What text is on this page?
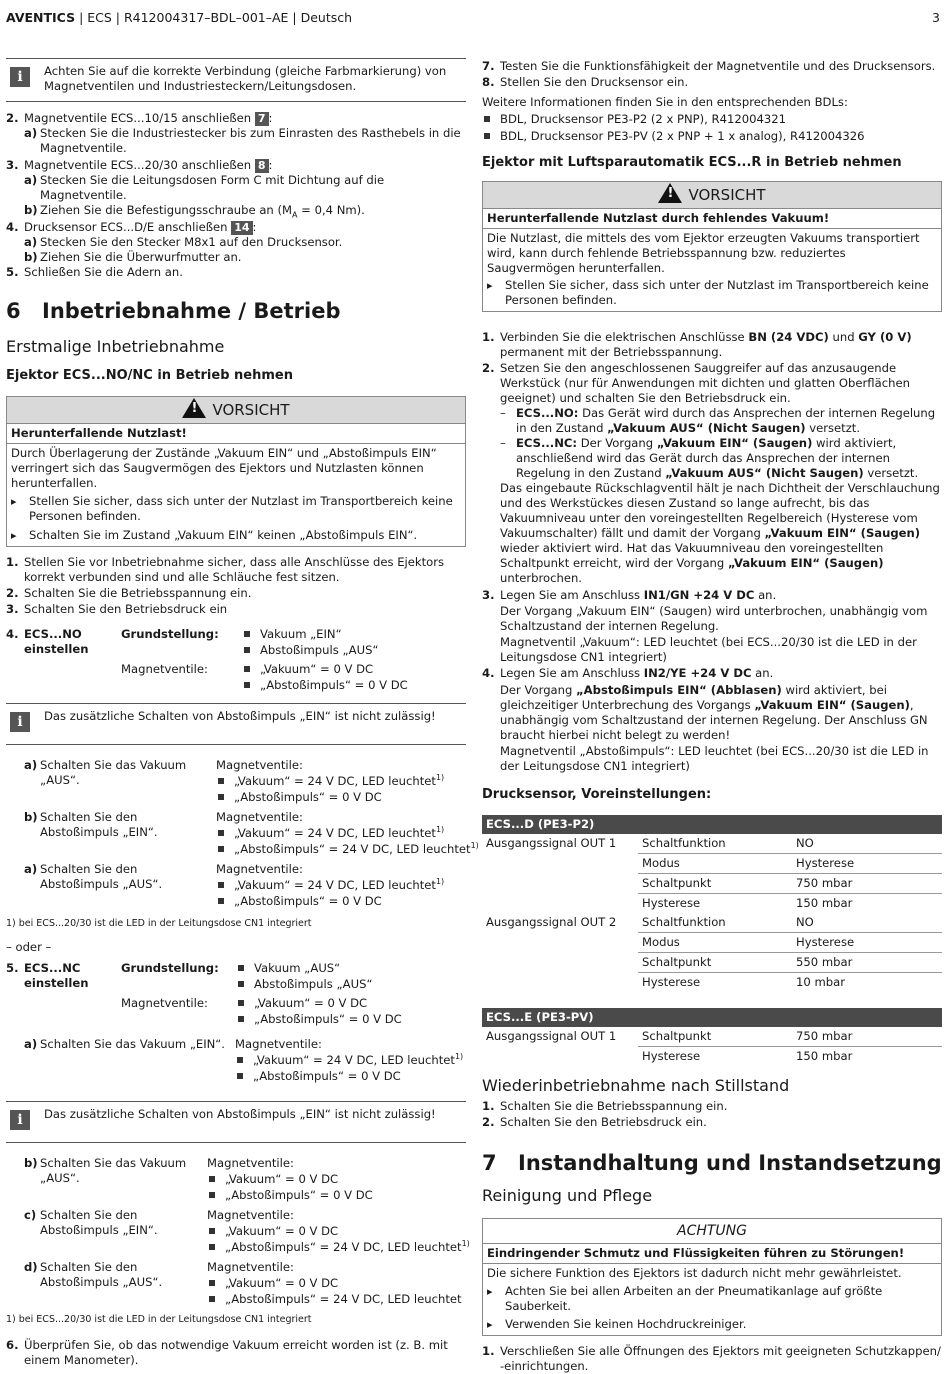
AVENTICS | ECS | R412004317–BDL–001–AE | Deutsch	3
i	Achten Sie auf die korrekte Verbindung (gleiche Farbmarkierung) von Magnetventilen und Industriesteckern/Leitungsdosen.

2. Magnetventile ECS...10/15 anschließen 7 :
a) Stecken Sie die Industriestecker bis zum Einrasten des Rasthebels in die Magnetventile.
3. Magnetventile ECS...20/30 anschließen 8 :
a) Stecken Sie die Leitungsdosen Form C mit Dichtung auf die Magnetventile.
b) Ziehen Sie die Befestigungsschraube an ($M_A = 0,4$ Nm).
4. Drucksensor ECS...D/E anschließen 14 :
a) Stecken Sie den Stecker M8x1 auf den Drucksensor.
b) Ziehen Sie die Überwurfmutter an.
5. Schließen Sie die Adern an.
6 Inbetriebnahme / Betrieb
Erstmalige Inbetriebnahme
Ejektor ECS...NO/NC in Betrieb nehmen
! VORSICHT
Herunterfallende Nutzlast!

Durch Überlagerung der Zustände „Vakuum EIN“ und „Abstoßimpuls EIN“ verringert sich das Saugvermögen des Ejektors und Nutzlasten können herunterfallen.

▸ Stellen Sie sicher, dass sich unter der Nutzlast im Transportbereich keine Personen befinden.

▸ Schalten Sie im Zustand „Vakuum EIN“ keinen „Abstoßimpuls EIN“.

1. Stellen Sie vor Inbetriebnahme sicher, dass alle Anschlüsse des Ejektors korrekt verbunden sind und alle Schläuche fest sitzen.
2. Schalten Sie die Betriebsspannung ein.
3. Schalten Sie den Betriebsdruck ein
4. ECS...NO
einstellen
Grundstellung:	Vakuum „EIN“
Abstoßimpuls „AUS“
Magnetventile:	„Vakuum“ = 0 V DC
„Abstoßimpuls“ = 0 V DC
i	Das zusätzliche Schalten von Abstoßimpuls „EIN“ ist nicht zulässig!

a) Schalten Sie das Vakuum „AUS“.
Magnetventile:
„Vakuum“ = 24 V DC, LED leuchtet$^{1)}$
„Abstoßimpuls“ = 0 V DC
b) Schalten Sie den Abstoßimpuls „EIN“.
Magnetventile:
„Vakuum“ = 24 V DC, LED leuchtet$^{1)}$
„Abstoßimpuls“ = 24 V DC, LED leuchtet$^{1)}$
a) Schalten Sie den Abstoßimpuls „AUS“.
Magnetventile:
„Vakuum“ = 24 V DC, LED leuchtet$^{1)}$
„Abstoßimpuls“ = 0 V DC
1) bei ECS...20/30 ist die LED in der Leitungsdose CN1 integriert

– oder –

5. ECS...NC
einstellen
Grundstellung:	Vakuum „AUS“
Abstoßimpuls „AUS“
Magnetventile:	„Vakuum“ = 0 V DC
„Abstoßimpuls“ = 0 V DC
a) Schalten Sie das Vakuum „EIN“. Magnetventile:
„Vakuum“ = 24 V DC, LED leuchtet$^{1)}$
„Abstoßimpuls“ = 0 V DC
i	Das zusätzliche Schalten von Abstoßimpuls „EIN“ ist nicht zulässig!

b) Schalten Sie das Vakuum „AUS“.
Magnetventile:
„Vakuum“ = 0 V DC
„Abstoßimpuls“ = 0 V DC
c) Schalten Sie den Abstoßimpuls „EIN“.
Magnetventile:
„Vakuum“ = 0 V DC
„Abstoßimpuls“ = 24 V DC, LED leuchtet$^{1)}$
d) Schalten Sie den Abstoßimpuls „AUS“.
Magnetventile:
„Vakuum“ = 0 V DC
„Abstoßimpuls“ = 24 V DC, LED leuchtet
1) bei ECS...20/30 ist die LED in der Leitungsdose CN1 integriert
6. Überprüfen Sie, ob das notwendige Vakuum erreicht worden ist (z. B. mit einem Manometer).
7. Testen Sie die Funktionsfähigkeit der Magnetventile und des Drucksensors.
8. Stellen Sie den Drucksensor ein.

Weitere Informationen finden Sie in den entsprechenden BDLs:

BDL, Drucksensor PE3-P2 (2 x PNP), R412004321

BDL, Drucksensor PE3-PV (2 x PNP + 1 x analog), R412004326

Ejektor mit Luftsparautomatik ECS...R in Betrieb nehmen
! VORSICHT
Herunterfallende Nutzlast durch fehlendes Vakuum!

Die Nutzlast, die mittels des vom Ejektor erzeugten Vakuums transportiert wird, kann durch fehlende Betriebsspannung bzw. reduziertes Saugvermögen herunterfallen.

▸ Stellen Sie sicher, dass sich unter der Nutzlast im Transportbereich keine Personen befinden.

1. Verbinden Sie die elektrischen Anschlüsse BN (24 VDC) und GY (0 V) permanent mit der Betriebsspannung.
2. Setzen Sie den angeschlossenen Sauggreifer auf das anzusaugende Werkstück (nur für Anwendungen mit dichten und glatten Oberflächen geeignet) und schalten Sie den Betriebsdruck ein.
– ECS...NO: Das Gerät wird durch das Ansprechen der internen Regelung in den Zustand „Vakuum AUS“ (Nicht Saugen) versetzt.
– ECS...NC: Der Vorgang „Vakuum EIN“ (Saugen) wird aktiviert, anschließend wird das Gerät durch das Ansprechen der internen Regelung in den Zustand „Vakuum AUS“ (Nicht Saugen) versetzt.

Das eingebaute Rückschlagventil hält je nach Dichtheit der Verschlauchung und des Werkstückes diesen Zustand so lange aufrecht, bis das Vakuumniveau unter den voreingestellten Regelbereich (Hysterese vom Vakuumschalter) fällt und damit der Vorgang „Vakuum EIN“ (Saugen) wieder aktiviert wird. Hat das Vakuumniveau den voreingestellten Schaltpunkt erreicht, wird der Vorgang „Vakuum EIN“ (Saugen) unterbrochen.

3. Legen Sie am Anschluss IN1/GN +24 V DC an.

Der Vorgang „Vakuum EIN“ (Saugen) wird unterbrochen, unabhängig vom Schaltzustand der internen Regelung.

Magnetventil „Vakuum“: LED leuchtet (bei ECS...20/30 ist die LED in der Leitungsdose CN1 integriert)

4. Legen Sie am Anschluss IN2/YE +24 V DC an.

Der Vorgang „Abstoßimpuls EIN“ (Abblasen) wird aktiviert, bei gleichzeitiger Unterbrechung des Vorgangs „Vakuum EIN“ (Saugen), unabhängig vom Schaltzustand der internen Regelung. Der Anschluss GN braucht hierbei nicht belegt zu werden!

Magnetventil „Abstoßimpuls“: LED leuchtet (bei ECS...20/30 ist die LED in der Leitungsdose CN1 integriert)

Drucksensor, Voreinstellungen:
ECS...D (PE3-P2)		
Ausgangssignal OUT 1	Schaltfunktion	NO
	Modus	Hysterese
	Schaltpunkt	750 mbar
	Hysterese	150 mbar
Ausgangssignal OUT 2	Schaltfunktion	NO
	Modus	Hysterese
	Schaltpunkt	550 mbar
	Hysterese	10 mbar
ECS...E (PE3-PV)		
Ausgangssignal OUT 1	Schaltpunkt	750 mbar
	Hysterese	150 mbar
Wiederinbetriebnahme nach Stillstand
1. Schalten Sie die Betriebsspannung ein.
2. Schalten Sie den Betriebsdruck ein.
7 Instandhaltung und Instandsetzung
Reinigung und Pflege
ACHTUNG
Eindringender Schmutz und Flüssigkeiten führen zu Störungen!

Die sichere Funktion des Ejektors ist dadurch nicht mehr gewährleistet.

▸ Achten Sie bei allen Arbeiten an der Pneumatikanlage auf größte Sauberkeit.

▸ Verwenden Sie keinen Hochdruckreiniger.

1. Verschließen Sie alle Öffnungen des Ejektors mit geeigneten Schutzkappen/ -einrichtungen.
